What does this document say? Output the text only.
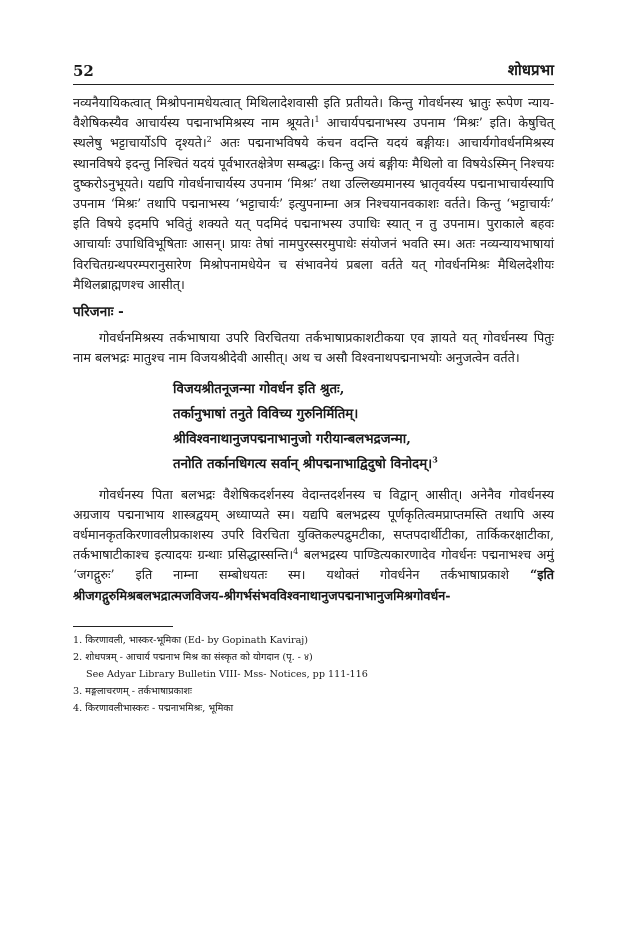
52	शोधप्रभा

नव्यनैयायिकत्वात् मिश्रोपनामधेयत्वात् मिथिलादेशवासी इति प्रतीयते। किन्तु गोवर्धनस्य भ्रातुः रूपेण न्याय-वैशेषिकस्यैव आचार्यस्य पद्मनाभमिश्रस्य नाम श्रूयते।$^1$ आचार्यपद्मनाभस्य उपनाम ‘मिश्रः’ इति। केषुचित् स्थलेषु भट्टाचार्योऽपि दृश्यते।$^2$ अतः पद्मनाभविषये कंचन वदन्ति यदयं बङ्गीयः। आचार्यगोवर्धनमिश्रस्य स्थानविषये इदन्तु निश्चितं यदयं पूर्वभारतक्षेत्रेण सम्बद्धः। किन्तु अयं बङ्गीयः मैथिलो वा विषयेऽस्मिन् निश्चयः दुष्करोऽनुभूयते। यद्यपि गोवर्धनाचार्यस्य उपनाम ‘मिश्रः’ तथा उल्लिख्यमानस्य भ्रातृवर्यस्य पद्मनाभाचार्यस्यापि उपनाम ‘मिश्रः’ तथापि पद्मनाभस्य ‘भट्टाचार्यः’ इत्युपनाम्ना अत्र निश्चयानवकाशः वर्तते। किन्तु ‘भट्टाचार्यः’ इति विषये इदमपि भवितुं शक्यते यत् पदमिदं पद्मनाभस्य उपाधिः स्यात् न तु उपनाम। पुराकाले बहवः आचार्याः उपाधिविभूषिताः आसन्। प्रायः तेषां नामपुरस्सरमुपाधेः संयोजनं भवति स्म। अतः नव्यन्यायभाषायां विरचितग्रन्थपरम्परानुसारेण मिश्रोपनामधेयेन च संभावनेयं प्रबला वर्तते यत् गोवर्धनमिश्रः मैथिलदेशीयः मैथिलब्राह्मणश्च आसीत्।

परिजनाः -

गोवर्धनमिश्रस्य तर्कभाषाया उपरि विरचितया तर्कभाषाप्रकाशटीकया एव ज्ञायते यत् गोवर्धनस्य पितुः नाम बलभद्रः मातुश्च नाम विजयश्रीदेवी आसीत्। अथ च असौ विश्वनाथपद्मनाभयोः अनुजत्वेन वर्तते।

विजयश्रीतनूजन्मा गोवर्धन इति श्रुतः,
तर्कानुभाषां तनुते विविच्य गुरुनिर्मितिम्।
श्रीविश्वनाथानुजपद्मनाभानुजो गरीयान्बलभद्रजन्मा,
तनोति तर्कानधिगत्य सर्वान् श्रीपद्मनाभाद्विदुषो विनोदम्।$^3$

गोवर्धनस्य पिता बलभद्रः वैशेषिकदर्शनस्य वेदान्तदर्शनस्य च विद्वान् आसीत्। अनेनैव गोवर्धनस्य अग्रजाय पद्मनाभाय शास्त्रद्वयम् अध्याप्यते स्म। यद्यपि बलभद्रस्य पूर्णकृतित्वमप्राप्तमस्ति तथापि अस्य वर्धमानकृतकिरणावलीप्रकाशस्य उपरि विरचिता युक्तिकल्पद्रुमटीका, सप्तपदार्थीटीका, तार्किकरक्षाटीका, तर्कभाषाटीकाश्च इत्यादयः ग्रन्थाः प्रसिद्धास्सन्ति।$^4$ बलभद्रस्य पाण्डित्यकारणादेव गोवर्धनः पद्मनाभश्च अमुं ‘जगद्गुरुः’ इति नाम्ना सम्बोधयतः स्म। यथोक्तं गोवर्धनेन तर्कभाषाप्रकाशे “इति श्रीजगद्गुरुमिश्रबलभद्रात्मजविजय-श्रीगर्भसंभवविश्वनाथानुजपद्मनाभानुजमिश्रगोवर्धन-

1. किरणावली, भास्कर-भूमिका (Ed- by Gopinath Kaviraj)
2. शोधपत्रम् - आचार्य पद्मनाभ मिश्र का संस्कृत को योगदान (पृ. - ४)
See Adyar Library Bulletin VIII- Mss- Notices, pp 111-116
3. मङ्गलाचरणम् - तर्कभाषाप्रकाशः
4. किरणावलीभास्करः - पद्मनाभमिश्रः, भूमिका
